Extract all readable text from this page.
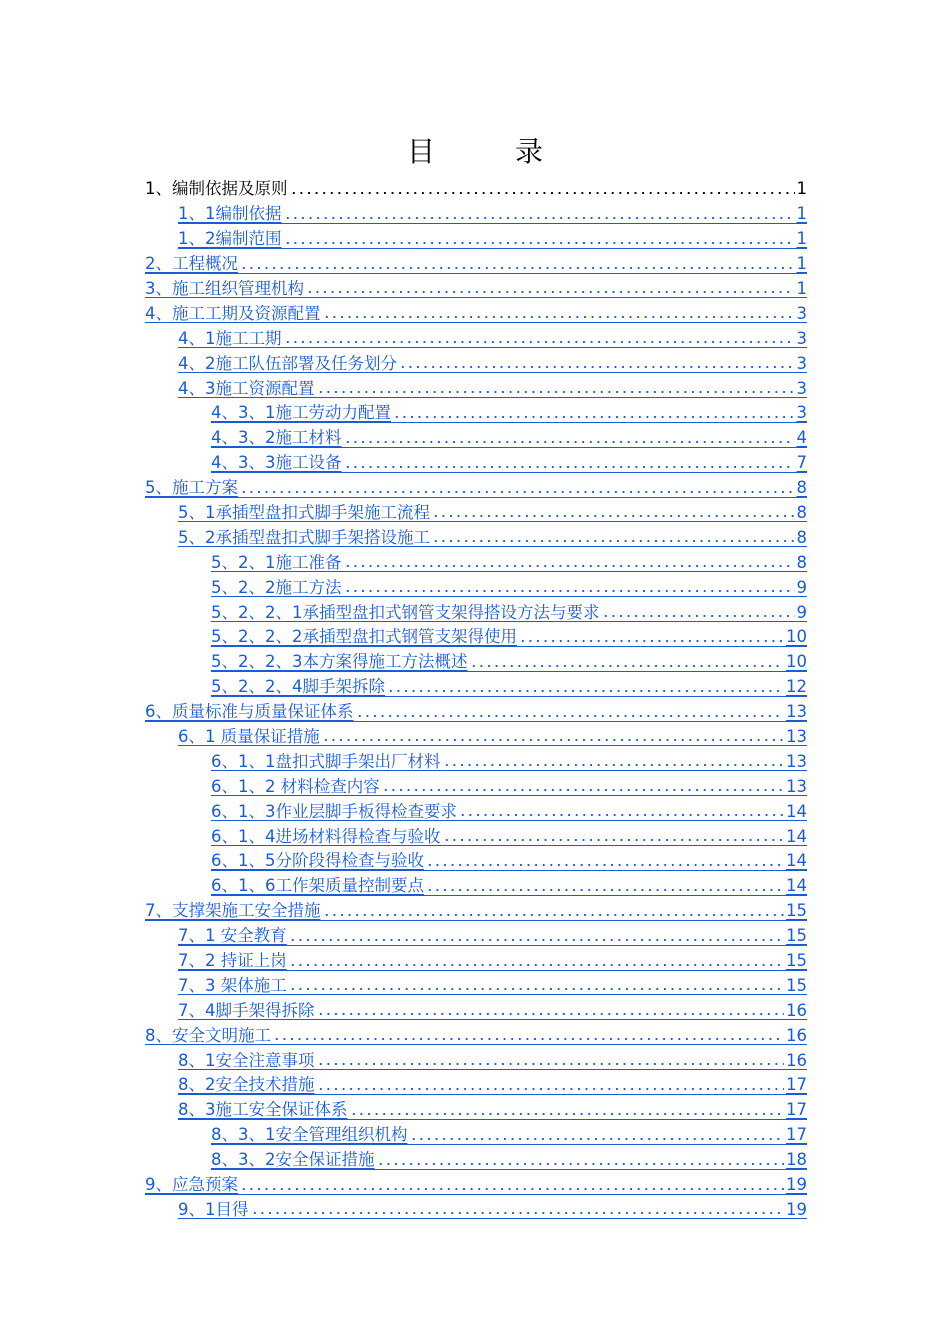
目　录
1、编制依据及原则	1
1、1编制依据	1
1、2编制范围	1
2、工程概况	1
3、施工组织管理机构	1
4、施工工期及资源配置	3
4、1施工工期	3
4、2施工队伍部署及任务划分	3
4、3施工资源配置	3
4、3、1施工劳动力配置	3
4、3、2施工材料	4
4、3、3施工设备	7
5、施工方案	8
5、1承插型盘扣式脚手架施工流程	8
5、2承插型盘扣式脚手架搭设施工	8
5、2、1施工准备	8
5、2、2施工方法	9
5、2、2、1承插型盘扣式钢管支架得搭设方法与要求	9
5、2、2、2承插型盘扣式钢管支架得使用	10
5、2、2、3本方案得施工方法概述	10
5、2、2、4脚手架拆除	12
6、质量标准与质量保证体系	13
6、1 质量保证措施	13
6、1、1盘扣式脚手架出厂材料	13
6、1、2 材料检查内容	13
6、1、3作业层脚手板得检查要求	14
6、1、4进场材料得检查与验收	14
6、1、5分阶段得检查与验收	14
6、1、6工作架质量控制要点	14
7、支撑架施工安全措施	15
7、1 安全教育	15
7、2 持证上岗	15
7、3 架体施工	15
7、4脚手架得拆除	16
8、安全文明施工	16
8、1安全注意事项	16
8、2安全技术措施	17
8、3施工安全保证体系	17
8、3、1安全管理组织机构	17
8、3、2安全保证措施	18
9、应急预案	19
9、1目得	19
